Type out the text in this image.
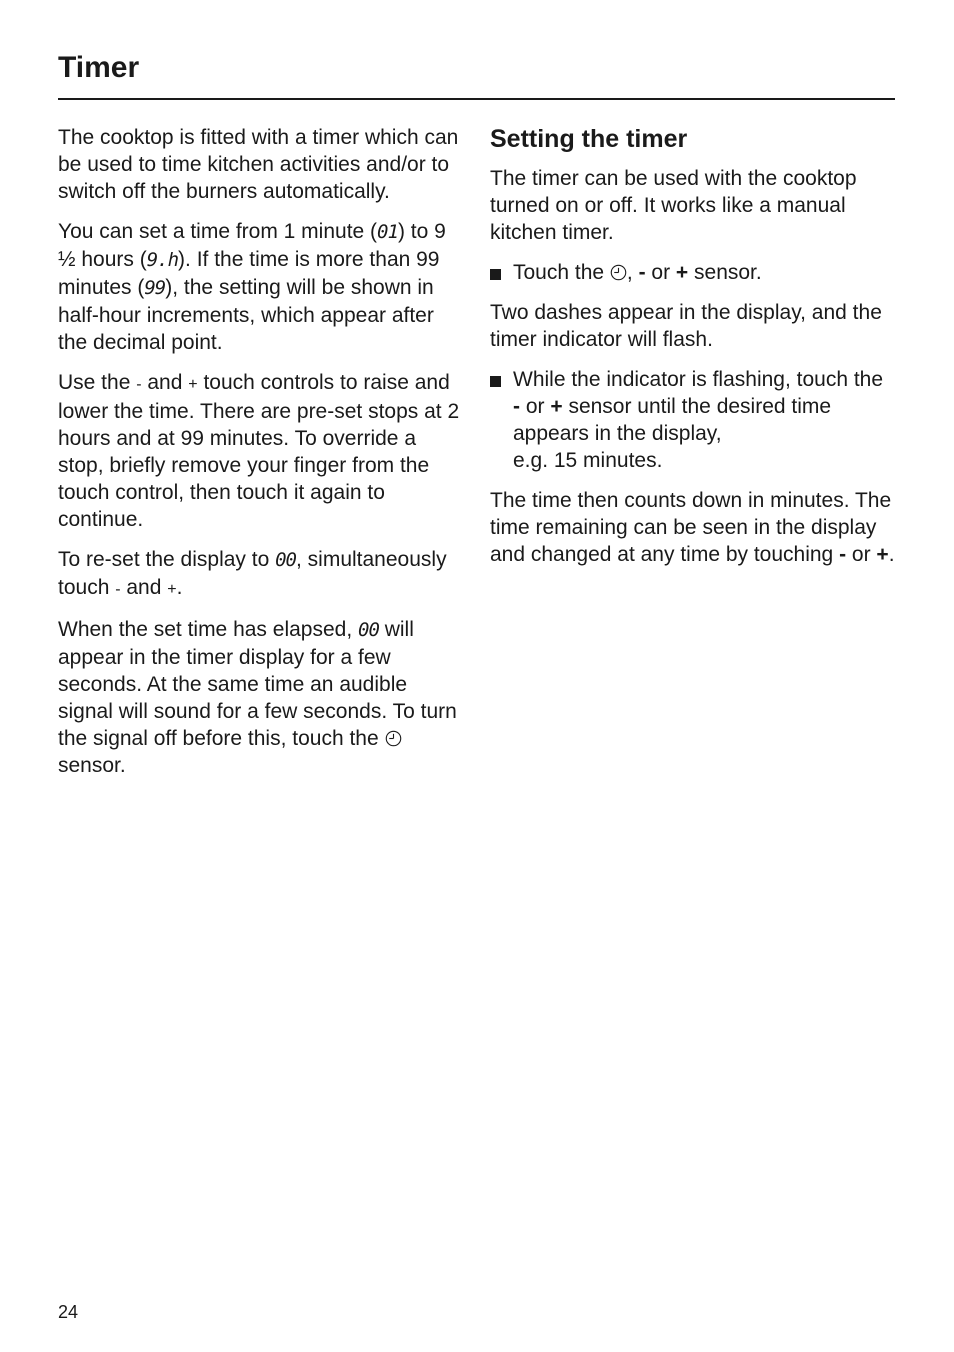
Timer

The cooktop is fitted with a timer which can be used to time kitchen activities and/or to switch off the burners automatically.

You can set a time from 1 minute (01) to 9 ½ hours (9.h). If the time is more than 99 minutes (99), the setting will be shown in half-hour increments, which appear after the decimal point.

Use the - and + touch controls to raise and lower the time. There are pre-set stops at 2 hours and at 99 minutes. To override a stop, briefly remove your finger from the touch control, then touch it again to continue.

To re-set the display to 00, simultaneously touch - and +.

When the set time has elapsed, 00 will appear in the timer display for a few seconds. At the same time an audible signal will sound for a few seconds. To turn the signal off before this, touch the  sensor.

Setting the timer

The timer can be used with the cooktop turned on or off. It works like a manual kitchen timer.

Touch the , - or + sensor.

Two dashes appear in the display, and the timer indicator will flash.

While the indicator is flashing, touch the - or + sensor until the desired time appears in the display,
e.g. 15 minutes.

The time then counts down in minutes. The time remaining can be seen in the display and changed at any time by touching - or +.

24
